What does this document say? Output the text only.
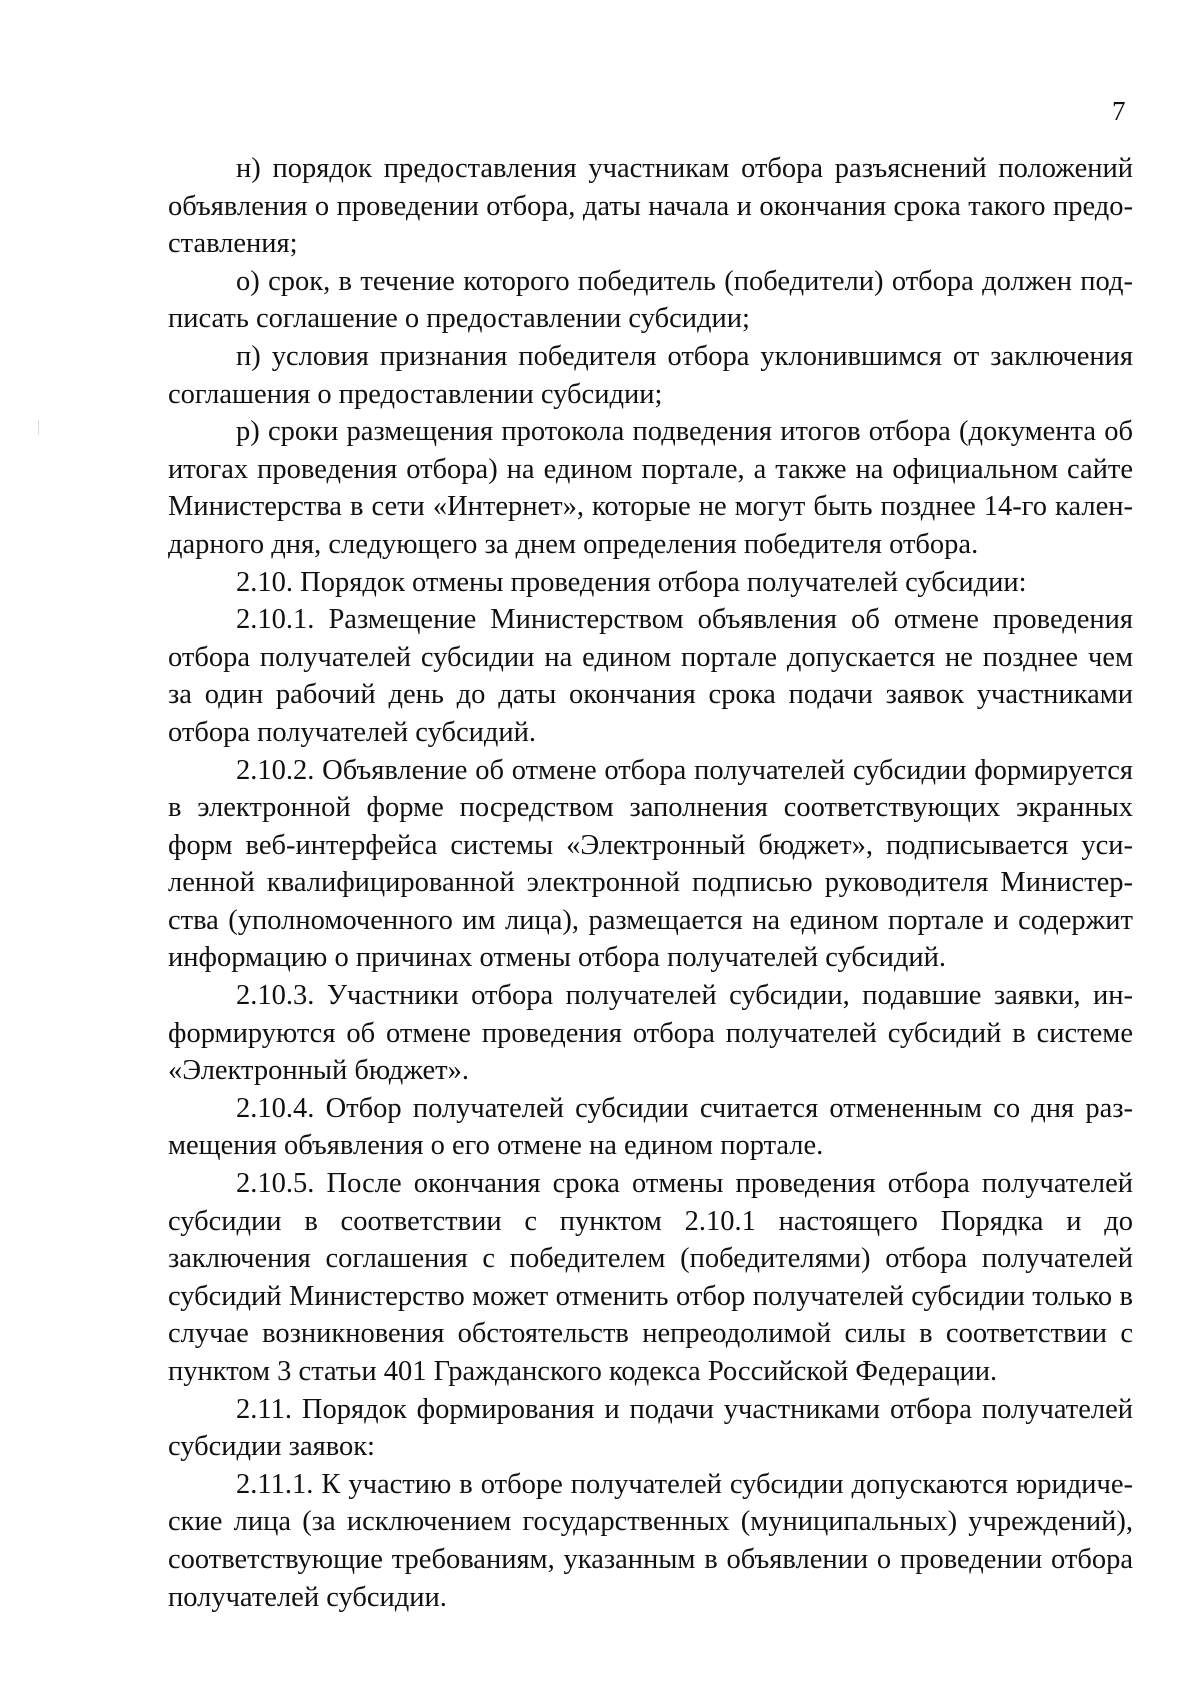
7

н) порядок предоставления участникам отбора разъяснений положений объявления о проведении отбора, даты начала и окончания срока такого предоставления;

о) срок, в течение которого победитель (победители) отбора должен подписать соглашение о предоставлении субсидии;

п) условия признания победителя отбора уклонившимся от заключения соглашения о предоставлении субсидии;

р) сроки размещения протокола подведения итогов отбора (документа об итогах проведения отбора) на едином портале, а также на официальном сайте Министерства в сети «Интернет», которые не могут быть позднее 14-го календарного дня, следующего за днем определения победителя отбора.

2.10. Порядок отмены проведения отбора получателей субсидии:

2.10.1. Размещение Министерством объявления об отмене проведения отбора получателей субсидии на едином портале допускается не позднее чем за один рабочий день до даты окончания срока подачи заявок участниками отбора получателей субсидий.

2.10.2. Объявление об отмене отбора получателей субсидии формируется в электронной форме посредством заполнения соответствующих экранных форм веб-интерфейса системы «Электронный бюджет», подписывается усиленной квалифицированной электронной подписью руководителя Министерства (уполномоченного им лица), размещается на едином портале и содержит информацию о причинах отмены отбора получателей субсидий.

2.10.3. Участники отбора получателей субсидии, подавшие заявки, информируются об отмене проведения отбора получателей субсидий в системе «Электронный бюджет».

2.10.4. Отбор получателей субсидии считается отмененным со дня размещения объявления о его отмене на едином портале.

2.10.5. После окончания срока отмены проведения отбора получателей субсидии в соответствии с пунктом 2.10.1 настоящего Порядка и до заключения соглашения с победителем (победителями) отбора получателей субсидий Министерство может отменить отбор получателей субсидии только в случае возникновения обстоятельств непреодолимой силы в соответствии с пунктом 3 статьи 401 Гражданского кодекса Российской Федерации.

2.11. Порядок формирования и подачи участниками отбора получателей субсидии заявок:

2.11.1. К участию в отборе получателей субсидии допускаются юридические лица (за исключением государственных (муниципальных) учреждений), соответствующие требованиям, указанным в объявлении о проведении отбора получателей субсидии.
